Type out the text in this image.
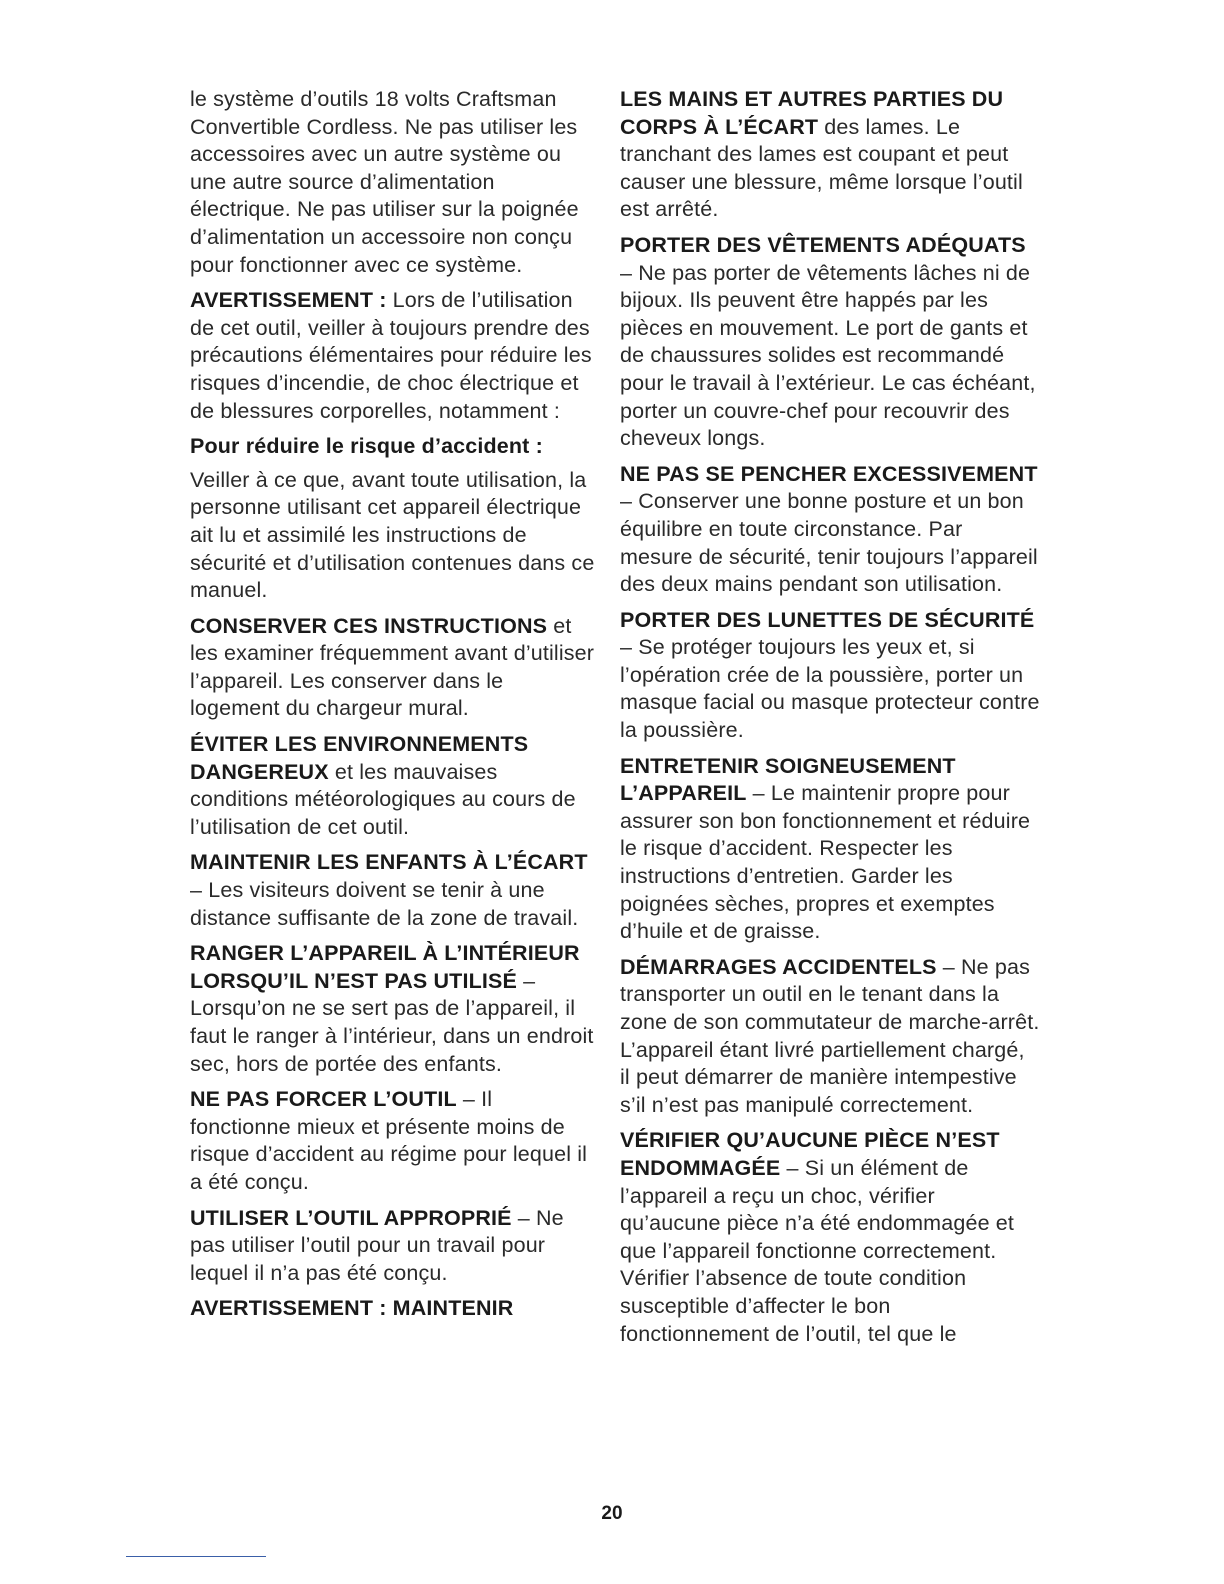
le système d’outils 18 volts Craftsman Convertible Cordless. Ne pas utiliser les accessoires avec un autre système ou une autre source d’alimentation électrique. Ne pas utiliser sur la poignée d’alimentation un accessoire non conçu pour fonctionner avec ce système.

AVERTISSEMENT : Lors de l’utilisation de cet outil, veiller à toujours prendre des précautions élémentaires pour réduire les risques d’incendie, de choc électrique et de blessures corporelles, notamment :

Pour réduire le risque d’accident :

Veiller à ce que, avant toute utilisation, la personne utilisant cet appareil électrique ait lu et assimilé les instructions de sécurité et d’utilisation contenues dans ce manuel.

CONSERVER CES INSTRUCTIONS et les examiner fréquemment avant d’utiliser l’appareil. Les conserver dans le logement du chargeur mural.

ÉVITER LES ENVIRONNEMENTS DANGEREUX et les mauvaises conditions météorologiques au cours de l’utilisation de cet outil.

MAINTENIR LES ENFANTS À L’ÉCART – Les visiteurs doivent se tenir à une distance suffisante de la zone de travail.

RANGER L’APPAREIL À L’INTÉRIEUR LORSQU’IL N’EST PAS UTILISÉ – Lorsqu’on ne se sert pas de l’appareil, il faut le ranger à l’intérieur, dans un endroit sec, hors de portée des enfants.

NE PAS FORCER L’OUTIL – Il fonctionne mieux et présente moins de risque d’accident au régime pour lequel il a été conçu.

UTILISER L’OUTIL APPROPRIÉ – Ne pas utiliser l’outil pour un travail pour lequel il n’a pas été conçu.

AVERTISSEMENT : MAINTENIR

LES MAINS ET AUTRES PARTIES DU CORPS À L’ÉCART des lames. Le tranchant des lames est coupant et peut causer une blessure, même lorsque l’outil est arrêté.

PORTER DES VÊTEMENTS ADÉQUATS – Ne pas porter de vêtements lâches ni de bijoux. Ils peuvent être happés par les pièces en mouvement. Le port de gants et de chaussures solides est recommandé pour le travail à l’extérieur. Le cas échéant, porter un couvre-chef pour recouvrir des cheveux longs.

NE PAS SE PENCHER EXCESSIVEMENT – Conserver une bonne posture et un bon équilibre en toute circonstance. Par mesure de sécurité, tenir toujours l’appareil des deux mains pendant son utilisation.

PORTER DES LUNETTES DE SÉCURITÉ – Se protéger toujours les yeux et, si l’opération crée de la poussière, porter un masque facial ou masque protecteur contre la poussière.

ENTRETENIR SOIGNEUSEMENT L’APPAREIL – Le maintenir propre pour assurer son bon fonctionnement et réduire le risque d’accident. Respecter les instructions d’entretien. Garder les poignées sèches, propres et exemptes d’huile et de graisse.

DÉMARRAGES ACCIDENTELS – Ne pas transporter un outil en le tenant dans la zone de son commutateur de marche-arrêt. L’appareil étant livré partiellement chargé, il peut démarrer de manière intempestive s’il n’est pas manipulé correctement.

VÉRIFIER QU’AUCUNE PIÈCE N’EST ENDOMMAGÉE – Si un élément de l’appareil a reçu un choc, vérifier qu’aucune pièce n’a été endommagée et que l’appareil fonctionne correctement. Vérifier l’absence de toute condition susceptible d’affecter le bon fonctionnement de l’outil, tel que le

20
